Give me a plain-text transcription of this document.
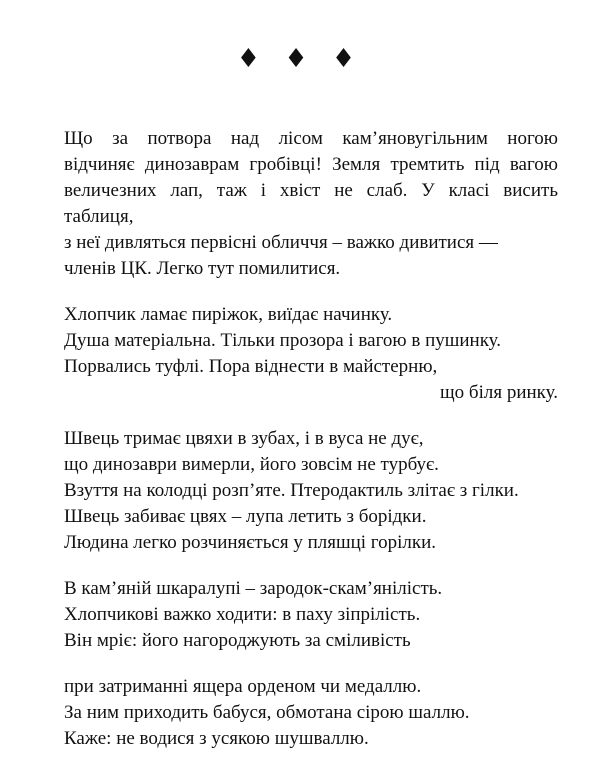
♦ ♦ ♦
Що за потвора над лісом кам’яновугільним ногою
відчиняє динозаврам гробівці! Земля тремтить під вагою
величезних лап, таж і хвіст не слаб. У класі висить
таблиця,
з неї дивляться первісні обличчя – важко дивитися —
членів ЦК. Легко тут помилитися.
Хлопчик ламає пиріжок, виїдає начинку.
Душа матеріальна. Тільки прозора і вагою в пушинку.
Порвались туфлі. Пора віднести в майстерню,
що біля ринку.
Швець тримає цвяхи в зубах, і в вуса не дує,
що динозаври вимерли, його зовсім не турбує.
Взуття на колодці розп’яте. Птеродактиль злітає з гілки.
Швець забиває цвях – лупа летить з борідки.
Людина легко розчиняється у пляшці горілки.
В кам’яній шкаралупі – зародок-скам’янілість.
Хлопчикові важко ходити: в паху зіпрілість.
Він мріє: його нагороджують за сміливість
при затриманні ящера орденом чи медаллю.
За ним приходить бабуся, обмотана сірою шаллю.
Каже: не водися з усякою шушваллю.
